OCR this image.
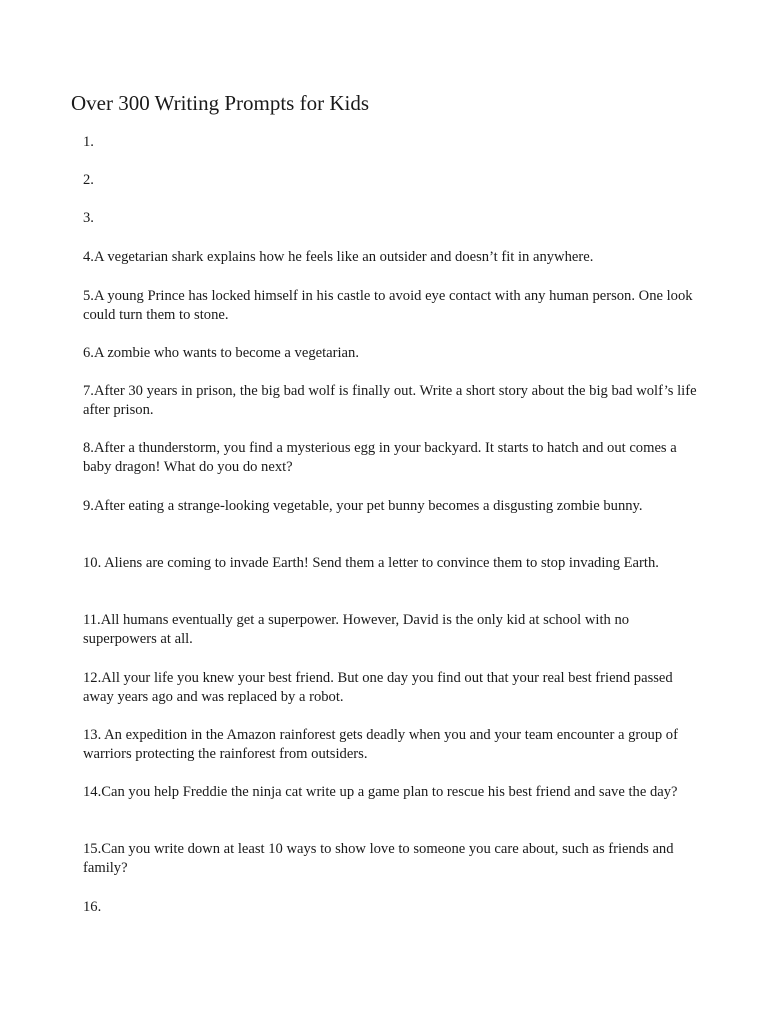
Over 300 Writing Prompts for Kids
1.
2.
3.
4.A vegetarian shark explains how he feels like an outsider and doesn’t fit in anywhere.
5.A young Prince has locked himself in his castle to avoid eye contact with any human person. One look could turn them to stone.
6.A zombie who wants to become a vegetarian.
7.After 30 years in prison, the big bad wolf is finally out. Write a short story about the big bad wolf’s life after prison.
8.After a thunderstorm, you find a mysterious egg in your backyard. It starts to hatch and out comes a baby dragon! What do you do next?
9.After eating a strange-looking vegetable, your pet bunny becomes a disgusting zombie bunny.
10. Aliens are coming to invade Earth! Send them a letter to convince them to stop invading Earth.
11.All humans eventually get a superpower. However, David is the only kid at school with no superpowers at all.
12.All your life you knew your best friend. But one day you find out that your real best friend passed away years ago and was replaced by a robot.
13. An expedition in the Amazon rainforest gets deadly when you and your team encounter a group of warriors protecting the rainforest from outsiders.
14.Can you help Freddie the ninja cat write up a game plan to rescue his best friend and save the day?
15.Can you write down at least 10 ways to show love to someone you care about, such as friends and family?
16.
